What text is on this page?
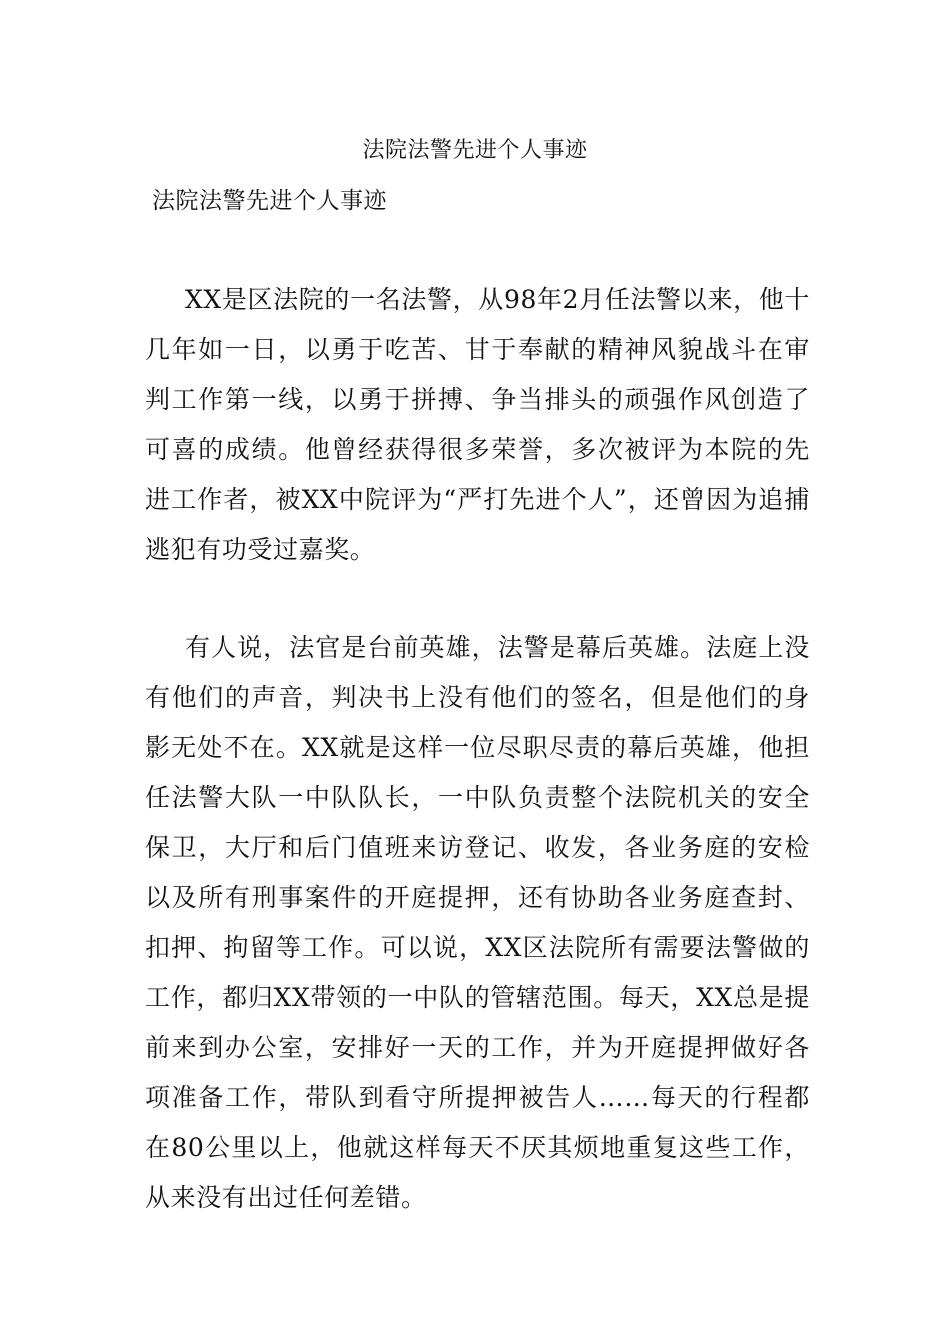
法院法警先进个人事迹
法院法警先进个人事迹

XX是区法院的一名法警，从98年2月任法警以来，他十几年如一日，以勇于吃苦、甘于奉献的精神风貌战斗在审判工作第一线，以勇于拼搏、争当排头的顽强作风创造了可喜的成绩。他曾经获得很多荣誉，多次被评为本院的先进工作者，被XX中院评为“严打先进个人”，还曾因为追捕逃犯有功受过嘉奖。

有人说，法官是台前英雄，法警是幕后英雄。法庭上没有他们的声音，判决书上没有他们的签名，但是他们的身影无处不在。XX就是这样一位尽职尽责的幕后英雄，他担任法警大队一中队队长，一中队负责整个法院机关的安全保卫，大厅和后门值班来访登记、收发，各业务庭的安检以及所有刑事案件的开庭提押，还有协助各业务庭查封、扣押、拘留等工作。可以说，XX区法院所有需要法警做的工作，都归XX带领的一中队的管辖范围。每天，XX总是提前来到办公室，安排好一天的工作，并为开庭提押做好各项准备工作，带队到看守所提押被告人……每天的行程都在80公里以上，他就这样每天不厌其烦地重复这些工作，从来没有出过任何差错。
